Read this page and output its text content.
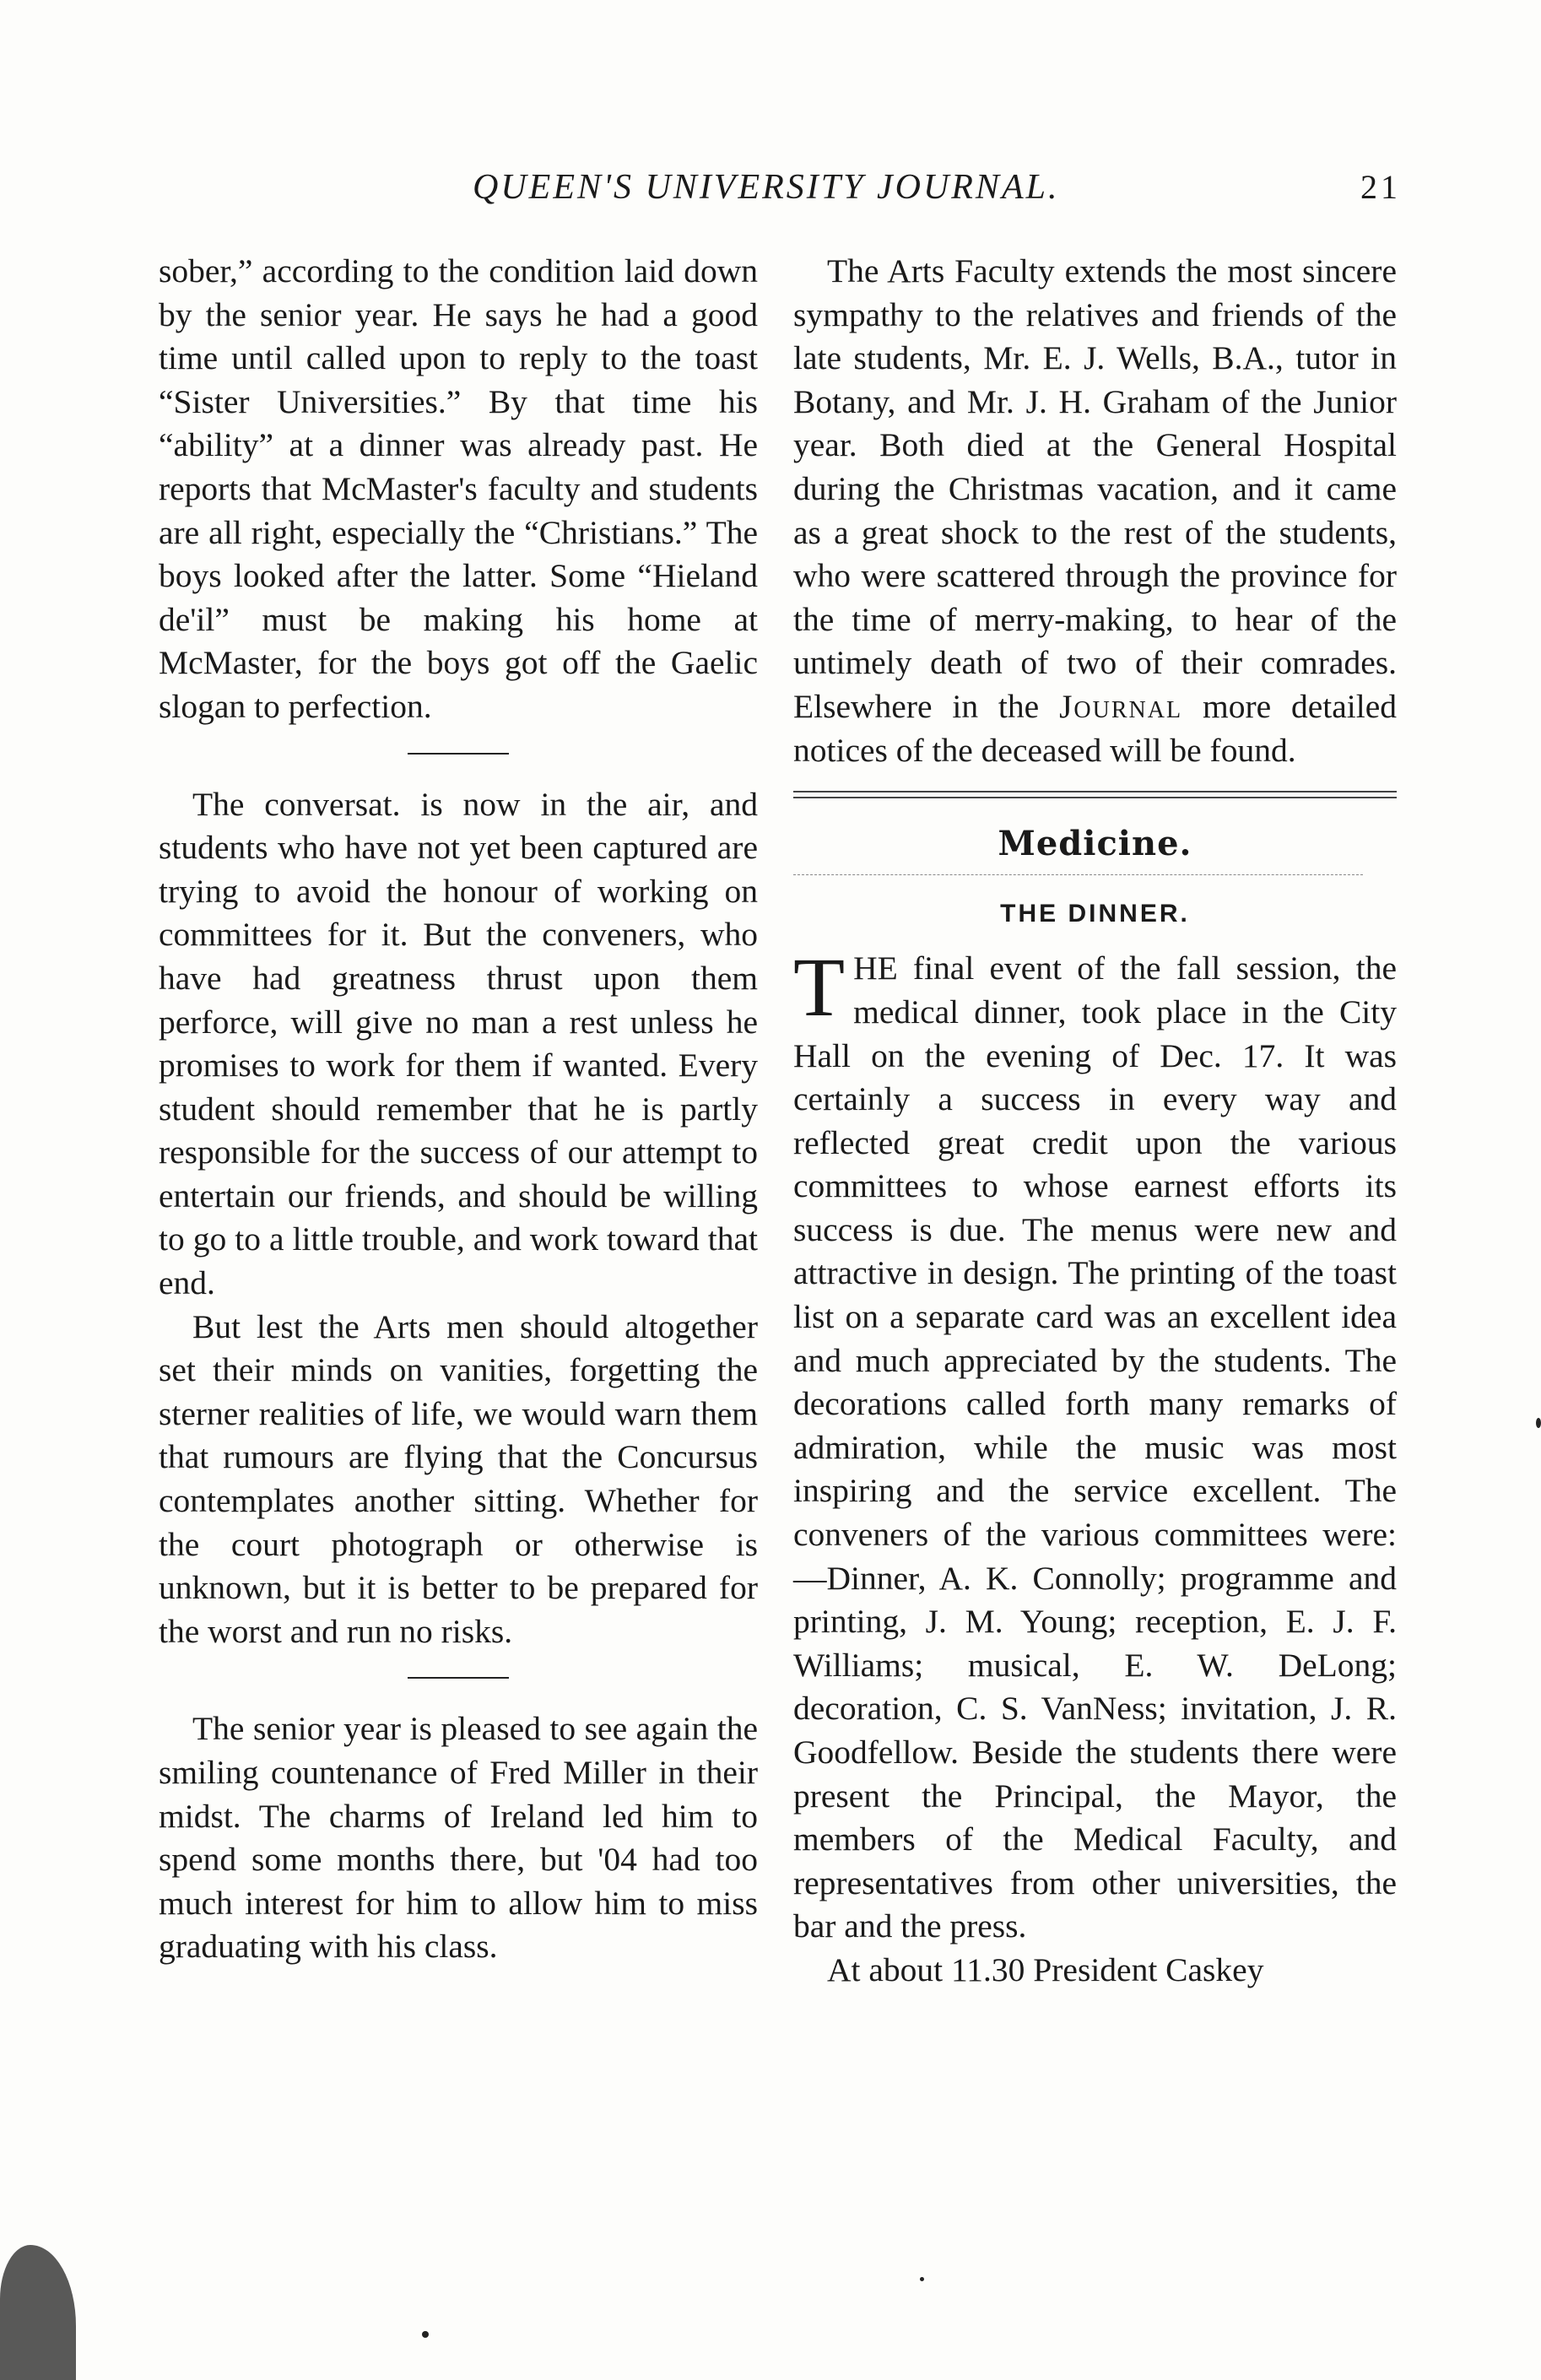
QUEEN'S UNIVERSITY JOURNAL.	21

sober,” according to the condition laid down by the senior year. He says he had a good time until called upon to reply to the toast “Sister Universities.” By that time his “ability” at a dinner was already past. He reports that McMaster's faculty and students are all right, especially the “Christians.” The boys looked after the latter. Some “Hieland de'il” must be making his home at McMaster, for the boys got off the Gaelic slogan to perfection.

The conversat. is now in the air, and students who have not yet been captured are trying to avoid the honour of working on committees for it. But the conveners, who have had greatness thrust upon them perforce, will give no man a rest unless he promises to work for them if wanted. Every student should remember that he is partly responsible for the success of our attempt to entertain our friends, and should be willing to go to a little trouble, and work toward that end.

But lest the Arts men should altogether set their minds on vanities, forgetting the sterner realities of life, we would warn them that rumours are flying that the Concursus contemplates another sitting. Whether for the court photograph or otherwise is unknown, but it is better to be prepared for the worst and run no risks.

The senior year is pleased to see again the smiling countenance of Fred Miller in their midst. The charms of Ireland led him to spend some months there, but '04 had too much interest for him to allow him to miss graduating with his class.

The Arts Faculty extends the most sincere sympathy to the relatives and friends of the late students, Mr. E. J. Wells, B.A., tutor in Botany, and Mr. J. H. Graham of the Junior year. Both died at the General Hospital during the Christmas vacation, and it came as a great shock to the rest of the students, who were scattered through the province for the time of merry-making, to hear of the untimely death of two of their comrades. Elsewhere in the Journal more detailed notices of the deceased will be found.

Medicine.
THE DINNER.

THE final event of the fall session, the medical dinner, took place in the City Hall on the evening of Dec. 17. It was certainly a success in every way and reflected great credit upon the various committees to whose earnest efforts its success is due. The menus were new and attractive in design. The printing of the toast list on a separate card was an excellent idea and much appreciated by the students. The decorations called forth many remarks of admiration, while the music was most inspiring and the service excellent. The conveners of the various committees were:—Dinner, A. K. Connolly; programme and printing, J. M. Young; reception, E. J. F. Williams; musical, E. W. DeLong; decoration, C. S. VanNess; invitation, J. R. Goodfellow. Beside the students there were present the Principal, the Mayor, the members of the Medical Faculty, and representatives from other universities, the bar and the press.

At about 11.30 President Caskey
